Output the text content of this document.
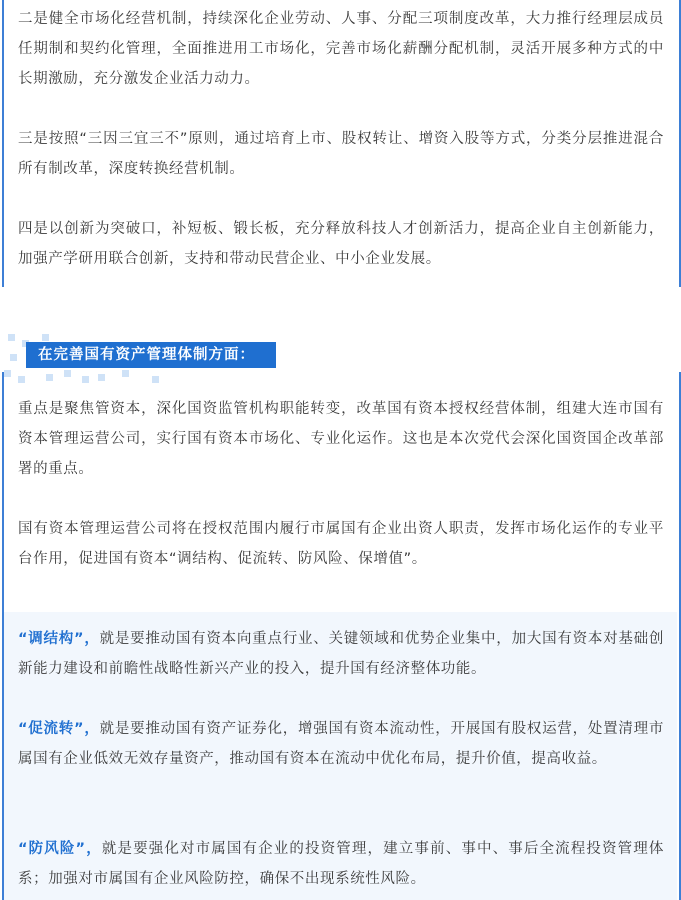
二是健全市场化经营机制，持续深化企业劳动、人事、分配三项制度改革，大力推行经理层成员任期制和契约化管理，全面推进用工市场化，完善市场化薪酬分配机制，灵活开展多种方式的中长期激励，充分激发企业活力动力。

三是按照“三因三宜三不”原则，通过培育上市、股权转让、增资入股等方式，分类分层推进混合所有制改革，深度转换经营机制。

四是以创新为突破口，补短板、锻长板，充分释放科技人才创新活力，提高企业自主创新能力，加强产学研用联合创新，支持和带动民营企业、中小企业发展。

在完善国有资产管理体制方面：

重点是聚焦管资本，深化国资监管机构职能转变，改革国有资本授权经营体制，组建大连市国有资本管理运营公司，实行国有资本市场化、专业化运作。这也是本次党代会深化国资国企改革部署的重点。

国有资本管理运营公司将在授权范围内履行市属国有企业出资人职责，发挥市场化运作的专业平台作用，促进国有资本“调结构、促流转、防风险、保增值”。

“调结构”，就是要推动国有资本向重点行业、关键领域和优势企业集中，加大国有资本对基础创新能力建设和前瞻性战略性新兴产业的投入，提升国有经济整体功能。

“促流转”，就是要推动国有资产证券化，增强国有资本流动性，开展国有股权运营，处置清理市属国有企业低效无效存量资产，推动国有资本在流动中优化布局，提升价值，提高收益。

“防风险”，就是要强化对市属国有企业的投资管理，建立事前、事中、事后全流程投资管理体系；加强对市属国有企业风险防控，确保不出现系统性风险。
